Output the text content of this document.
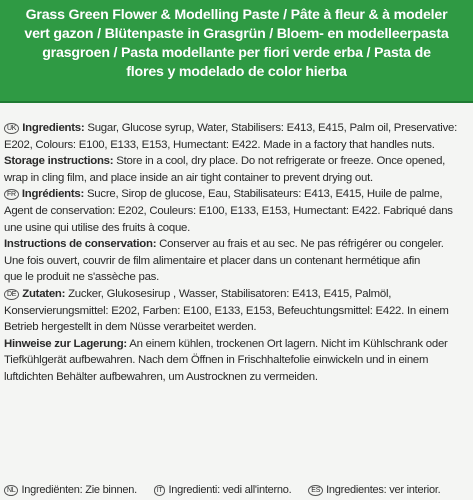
Grass Green Flower & Modelling Paste / Pâte à fleur & à modeler
vert gazon / Blütenpaste in Grasgrün / Bloem- en modelleerpasta
grasgroen / Pasta modellante per fiori verde erba / Pasta de
flores y modelado de color hierba
UK Ingredients: Sugar, Glucose syrup, Water, Stabilisers: E413, E415, Palm oil, Preservative:
E202, Colours: E100, E133, E153, Humectant: E422. Made in a factory that handles nuts.
Storage instructions: Store in a cool, dry place. Do not refrigerate or freeze. Once opened,
wrap in cling film, and place inside an air tight container to prevent drying out.
FR Ingrédients: Sucre, Sirop de glucose, Eau, Stabilisateurs: E413, E415, Huile de palme,
Agent de conservation: E202, Couleurs: E100, E133, E153, Humectant: E422. Fabriqué dans
une usine qui utilise des fruits à coque.
Instructions de conservation: Conserver au frais et au sec. Ne pas réfrigérer ou congeler.
Une fois ouvert, couvrir de film alimentaire et placer dans un contenant hermétique afin
que le produit ne s'assèche pas.
DE Zutaten: Zucker, Glukosesirup , Wasser, Stabilisatoren: E413, E415, Palmöl,
Konservierungsmittel: E202, Farben: E100, E133, E153, Befeuchtungsmittel: E422. In einem
Betrieb hergestellt in dem Nüsse verarbeitet werden.
Hinweise zur Lagerung: An einem kühlen, trockenen Ort lagern. Nicht im Kühlschrank oder
Tiefkühlgerät aufbewahren. Nach dem Öffnen in Frischhaltefolie einwickeln und in einem
luftdichten Behälter aufbewahren, um Austrocknen zu vermeiden.
NL Ingrediënten: Zie binnen.	IT Ingredienti: vedi all'interno.	ES Ingredientes: ver interior.
